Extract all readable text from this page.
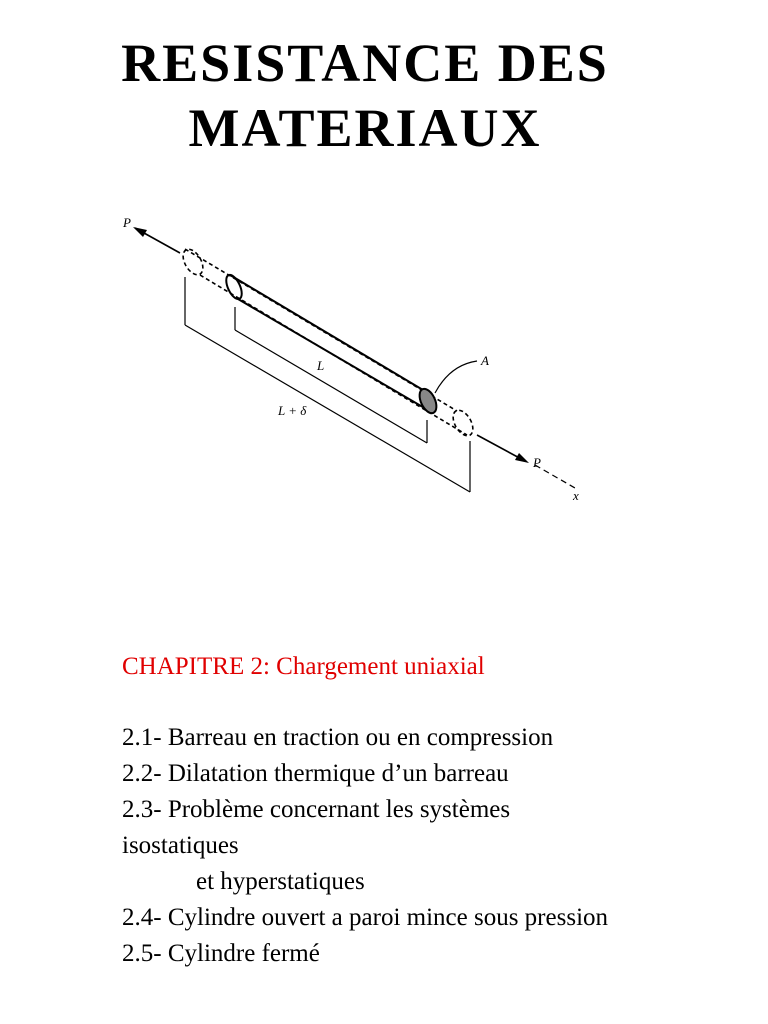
RESISTANCE DES
MATERIAUX
P
P
L
L + δ
A
x
CHAPITRE 2: Chargement uniaxial
2.1- Barreau en traction ou en compression
2.2- Dilatation thermique d’un barreau
2.3- Problème concernant les systèmes
isostatiques
et hyperstatiques
2.4- Cylindre ouvert a paroi mince sous pression
2.5- Cylindre fermé
